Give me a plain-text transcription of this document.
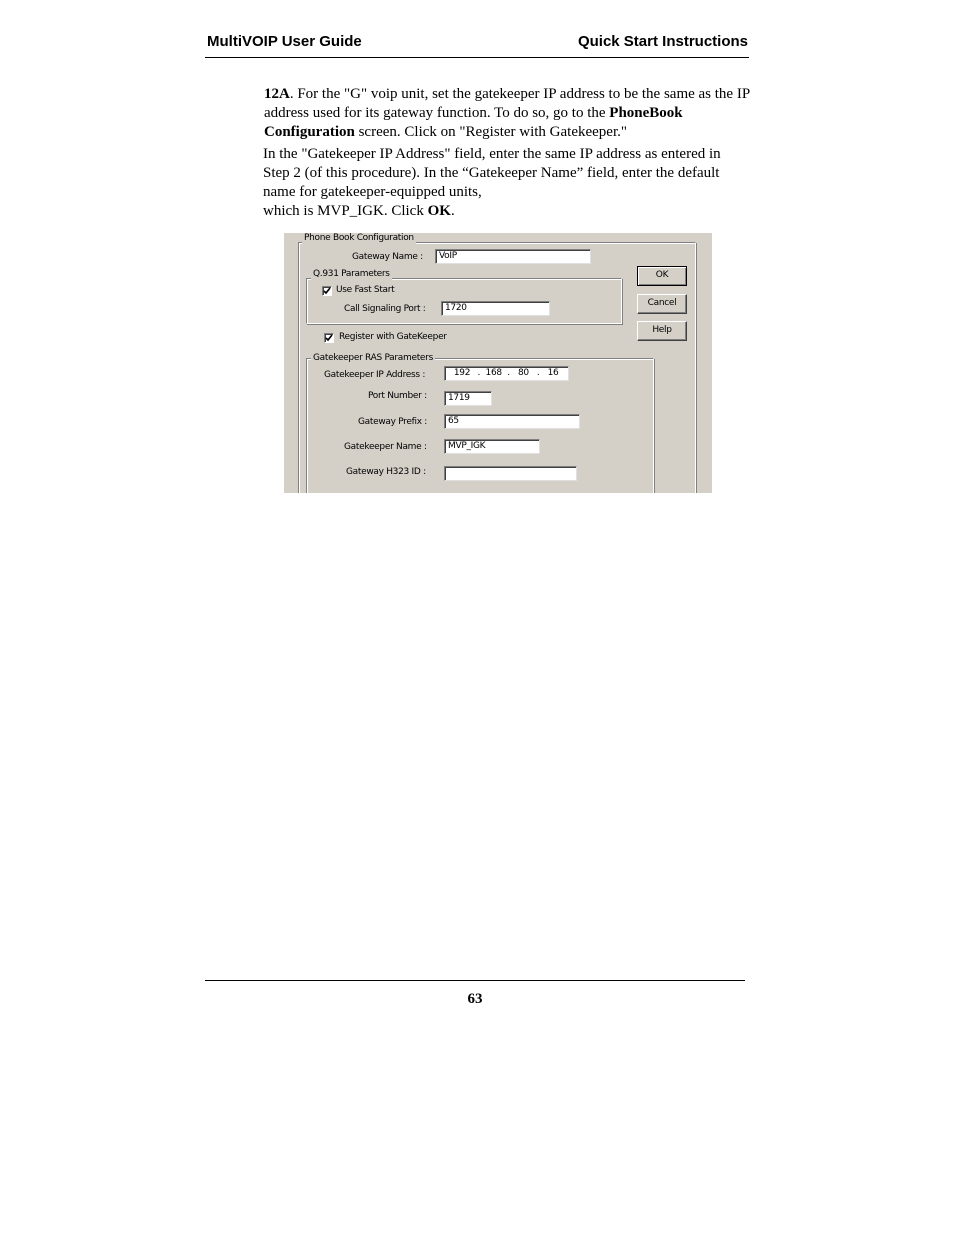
MultiVOIP User Guide	Quick Start Instructions
12A. For the "G" voip unit, set the gatekeeper IP address to be the same as the IP address used for its gateway function. To do so, go to the PhoneBook Configuration screen. Click on "Register with Gatekeeper."
In the "Gatekeeper IP Address" field, enter the same IP address as entered in Step 2 (of this procedure). In the “Gatekeeper Name” field, enter the default name for gatekeeper-equipped units,
which is MVP_IGK. Click OK.
Phone Book Configuration
Gateway Name :	VoIP
Q.931 Parameters
Use Fast Start
Call Signaling Port :	1720
Register with GateKeeper
Gatekeeper RAS Parameters
Gatekeeper IP Address :	192 . 168 . 80 . 16
Port Number :	1719
Gateway Prefix :	65
Gatekeeper Name :	MVP_IGK
Gateway H323 ID :
OK
Cancel
Help
63
